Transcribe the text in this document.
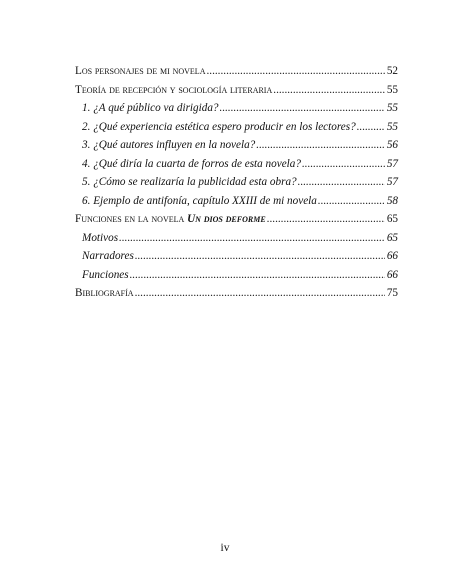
Los personajes de mi novela .....	52
Teoría de recepción y sociología literaria .....	55
1. ¿A qué público va dirigida? .....	55
2. ¿Qué experiencia estética espero producir en los lectores? .....	55
3. ¿Qué autores influyen en la novela? .....	56
4. ¿Qué diría la cuarta de forros de esta novela? .....	57
5. ¿Cómo se realizaría la publicidad esta obra? .....	57
6. Ejemplo de antifonía, capítulo XXIII de mi novela .....	58
Funciones en la novela Un dios deforme .....	65
Motivos .....	65
Narradores .....	66
Funciones .....	66
Bibliografía .....	75
iv
